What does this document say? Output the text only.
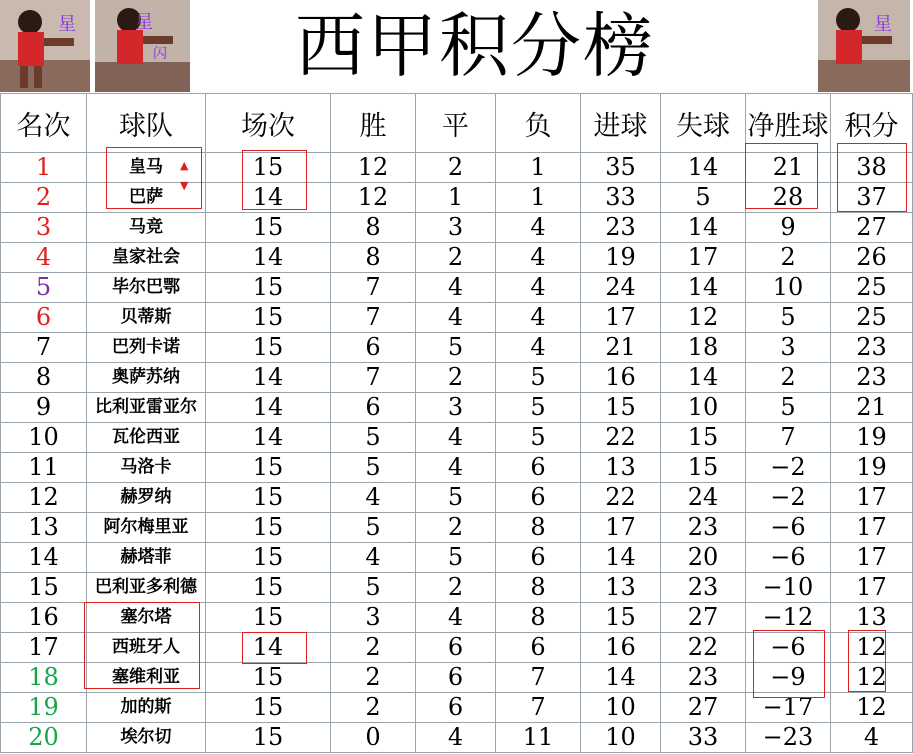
星	星
闪	西甲积分榜	星
名次	球队	场次	胜	平	负	进球	失球	净胜球	积分
1	皇马	15	12	2	1	35	14	21	38
2	巴萨	14	12	1	1	33	5	28	37
3	马竞	15	8	3	4	23	14	9	27
4	皇家社会	14	8	2	4	19	17	2	26
5	毕尔巴鄂	15	7	4	4	24	14	10	25
6	贝蒂斯	15	7	4	4	17	12	5	25
7	巴列卡诺	15	6	5	4	21	18	3	23
8	奥萨苏纳	14	7	2	5	16	14	2	23
9	比利亚雷亚尔	14	6	3	5	15	10	5	21
10	瓦伦西亚	14	5	4	5	22	15	7	19
11	马洛卡	15	5	4	6	13	15	−2	19
12	赫罗纳	15	4	5	6	22	24	−2	17
13	阿尔梅里亚	15	5	2	8	17	23	−6	17
14	赫塔菲	15	4	5	6	14	20	−6	17
15	巴利亚多利德	15	5	2	8	13	23	−10	17
16	塞尔塔	15	3	4	8	15	27	−12	13
17	西班牙人	14	2	6	6	16	22	−6	12
18	塞维利亚	15	2	6	7	14	23	−9	12
19	加的斯	15	2	6	7	10	27	−17	12
20	埃尔切	15	0	4	11	10	33	−23	4
▲
▼
